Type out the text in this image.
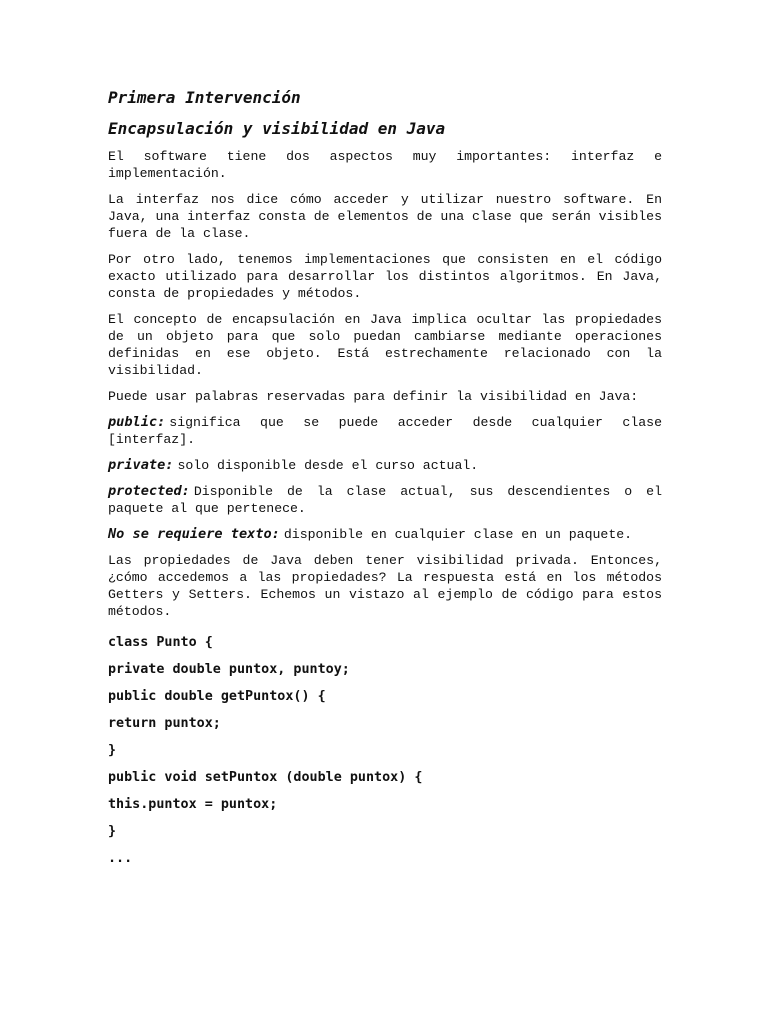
Primera Intervención
Encapsulación y visibilidad en Java

El software tiene dos aspectos muy importantes: interfaz e implementación.

La interfaz nos dice cómo acceder y utilizar nuestro software. En Java, una interfaz consta de elementos de una clase que serán visibles fuera de la clase.

Por otro lado, tenemos implementaciones que consisten en el código exacto utilizado para desarrollar los distintos algoritmos. En Java, consta de propiedades y métodos.

El concepto de encapsulación en Java implica ocultar las propiedades de un objeto para que solo puedan cambiarse mediante operaciones definidas en ese objeto. Está estrechamente relacionado con la visibilidad.

Puede usar palabras reservadas para definir la visibilidad en Java:

public: significa que se puede acceder desde cualquier clase [interfaz].

private: solo disponible desde el curso actual.

protected: Disponible de la clase actual, sus descendientes o el paquete al que pertenece.

No se requiere texto: disponible en cualquier clase en un paquete.

Las propiedades de Java deben tener visibilidad privada. Entonces, ¿cómo accedemos a las propiedades? La respuesta está en los métodos Getters y Setters. Echemos un vistazo al ejemplo de código para estos métodos.

class Punto {
private double puntox, puntoy;
public double getPuntox() {
return puntox;
}
public void setPuntox (double puntox) {
this.puntox = puntox;
}
...
